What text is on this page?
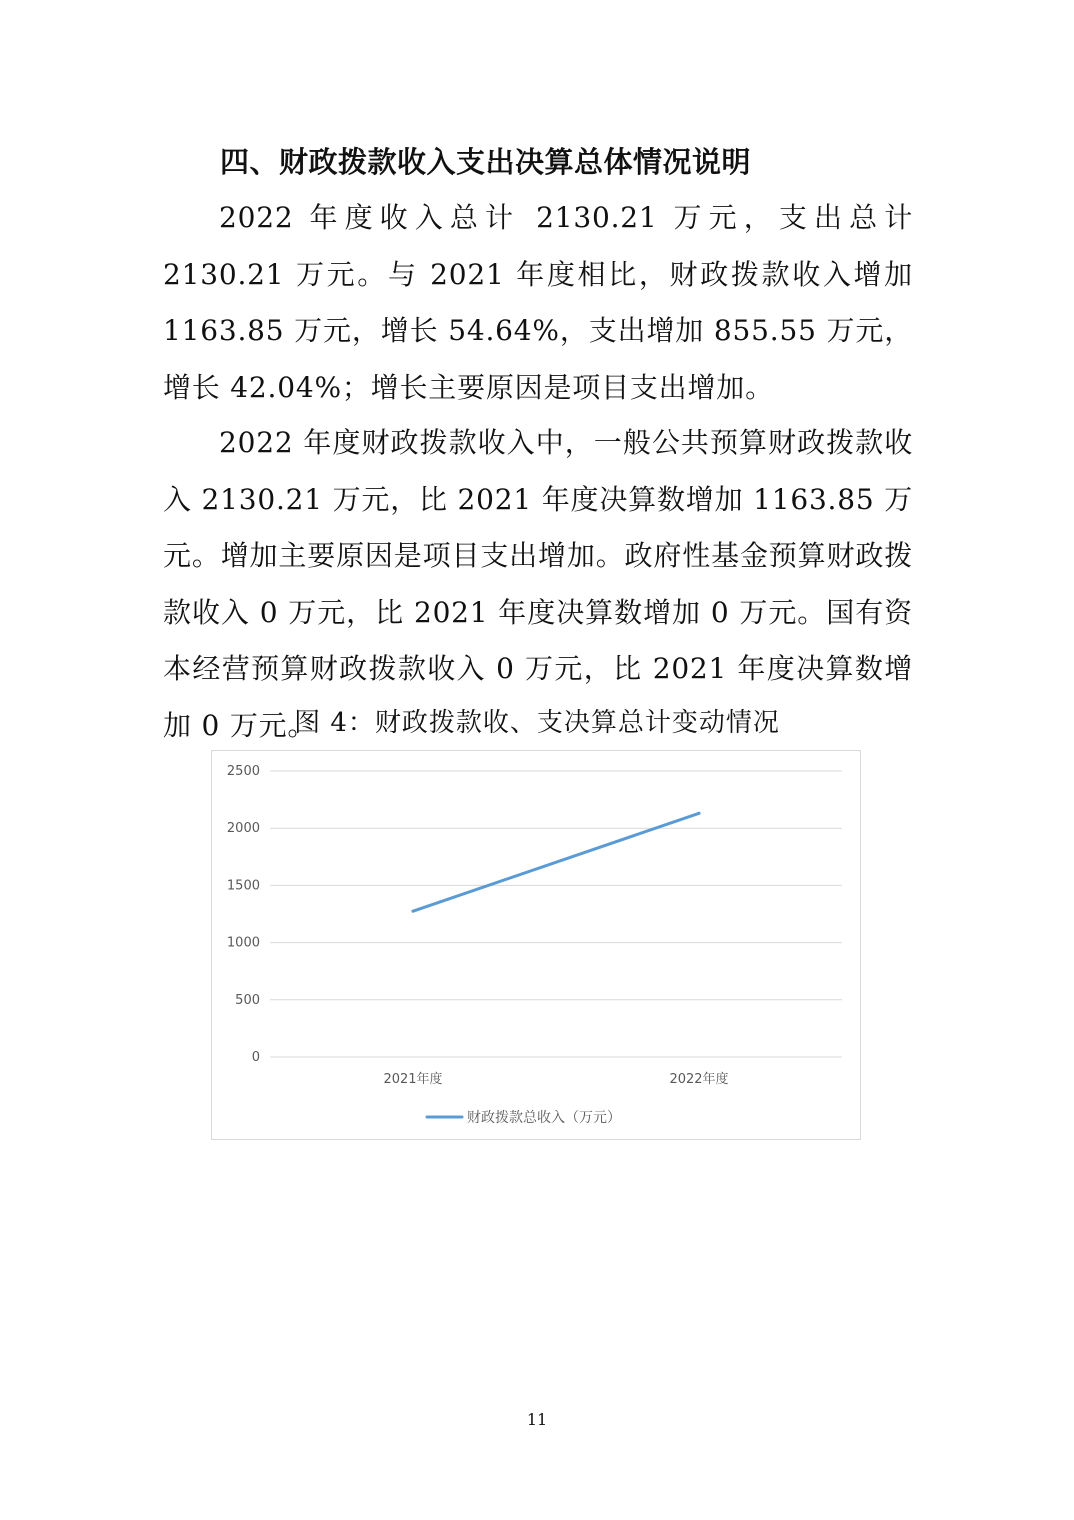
四、财政拨款收入支出决算总体情况说明

2022 年度收入总计 2130.21 万元，支出总计 2130.21 万元。与 2021 年度相比，财政拨款收入增加 1163.85 万元，增长 54.64%，支出增加 855.55 万元，增长 42.04%；增长主要原因是项目支出增加。

2022 年度财政拨款收入中，一般公共预算财政拨款收入 2130.21 万元，比 2021 年度决算数增加 1163.85 万元。增加主要原因是项目支出增加。政府性基金预算财政拨款收入 0 万元，比 2021 年度决算数增加 0 万元。国有资本经营预算财政拨款收入 0 万元，比 2021 年度决算数增加 0 万元。

图 4：财政拨款收、支决算总计变动情况

0
500
1000
1500
2000
2500
2021年度	2022年度
财政拨款总收入（万元）
11
